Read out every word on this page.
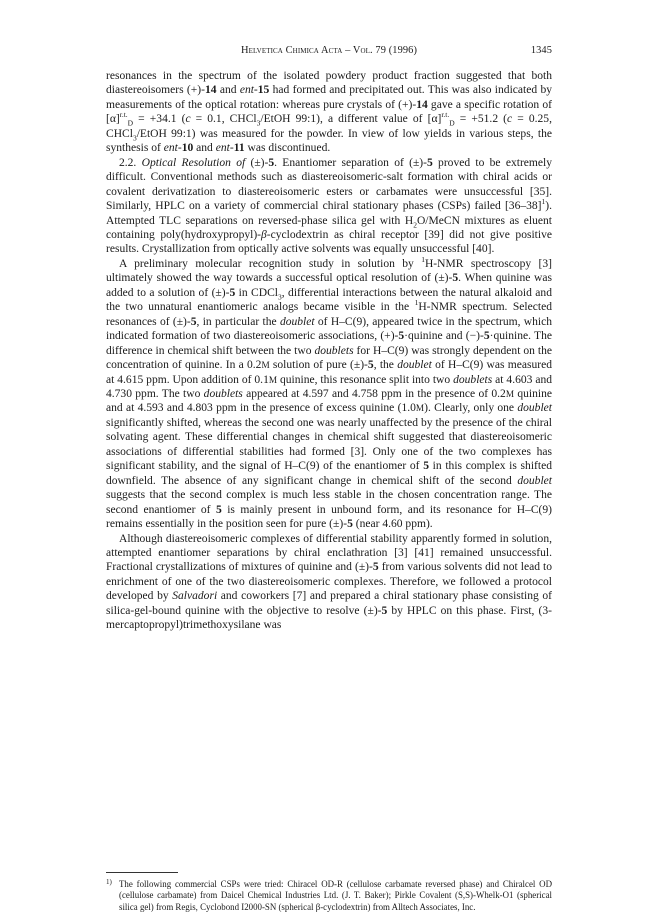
Helvetica Chimica Acta – Vol. 79 (1996)	1345

resonances in the spectrum of the isolated powdery product fraction suggested that both diastereoisomers (+)-14 and ent-15 had formed and precipitated out. This was also indicated by measurements of the optical rotation: whereas pure crystals of (+)-14 gave a specific rotation of $[\alpha]^{r.t.}_D = +34.1$ (c = 0.1, CHCl$_3$/EtOH 99:1), a different value of $[\alpha]^{r.t.}_D = +51.2$ (c = 0.25, CHCl$_3$/EtOH 99:1) was measured for the powder. In view of low yields in various steps, the synthesis of ent-10 and ent-11 was discontinued.

2.2. Optical Resolution of (±)-5. Enantiomer separation of (±)-5 proved to be extremely difficult. Conventional methods such as diastereoisomeric-salt formation with chiral acids or covalent derivatization to diastereoisomeric esters or carbamates were unsuccessful [35]. Similarly, HPLC on a variety of commercial chiral stationary phases (CSPs) failed $[36-38]^1$). Attempted TLC separations on reversed-phase silica gel with $H_2O$/MeCN mixtures as eluent containing poly(hydroxypropyl)-β-cyclodextrin as chiral receptor [39] did not give positive results. Crystallization from optically active solvents was equally unsuccessful [40].

A preliminary molecular recognition study in solution by $^1$H-NMR spectroscopy [3] ultimately showed the way towards a successful optical resolution of (±)-5. When quinine was added to a solution of (±)-5 in CDCl$_3$, differential interactions between the natural alkaloid and the two unnatural enantiomeric analogs became visible in the $^1$H-NMR spectrum. Selected resonances of (±)-5, in particular the doublet of H–C(9), appeared twice in the spectrum, which indicated formation of two diastereoisomeric associations, (+)-5·quinine and (−)-5·quinine. The difference in chemical shift between the two doublets for H–C(9) was strongly dependent on the concentration of quinine. In a 0.2M solution of pure (±)-5, the doublet of H–C(9) was measured at 4.615 ppm. Upon addition of 0.1M quinine, this resonance split into two doublets at 4.603 and 4.730 ppm. The two doublets appeared at 4.597 and 4.758 ppm in the presence of 0.2M quinine and at 4.593 and 4.803 ppm in the presence of excess quinine (1.0M). Clearly, only one doublet significantly shifted, whereas the second one was nearly unaffected by the presence of the chiral solvating agent. These differential changes in chemical shift suggested that diastereoisomeric associations of differential stabilities had formed [3]. Only one of the two complexes has significant stability, and the signal of H–C(9) of the enantiomer of 5 in this complex is shifted downfield. The absence of any significant change in chemical shift of the second doublet suggests that the second complex is much less stable in the chosen concentration range. The second enantiomer of 5 is mainly present in unbound form, and its resonance for H–C(9) remains essentially in the position seen for pure (±)-5 (near 4.60 ppm).

Although diastereoisomeric complexes of differential stability apparently formed in solution, attempted enantiomer separations by chiral enclathration [3] [41] remained unsuccessful. Fractional crystallizations of mixtures of quinine and (±)-5 from various solvents did not lead to enrichment of one of the two diastereoisomeric complexes. Therefore, we followed a protocol developed by Salvadori and coworkers [7] and prepared a chiral stationary phase consisting of silica-gel-bound quinine with the objective to resolve (±)-5 by HPLC on this phase. First, (3-mercaptopropyl)trimethoxysilane was

1) The following commercial CSPs were tried: Chiracel OD-R (cellulose carbamate reversed phase) and Chiralcel OD (cellulose carbamate) from Daicel Chemical Industries Ltd. (J. T. Baker); Pirkle Covalent (S,S)-Whelk-O1 (spherical silica gel) from Regis, Cyclobond I2000-SN (spherical β-cyclodextrin) from Alltech Associates, Inc.
